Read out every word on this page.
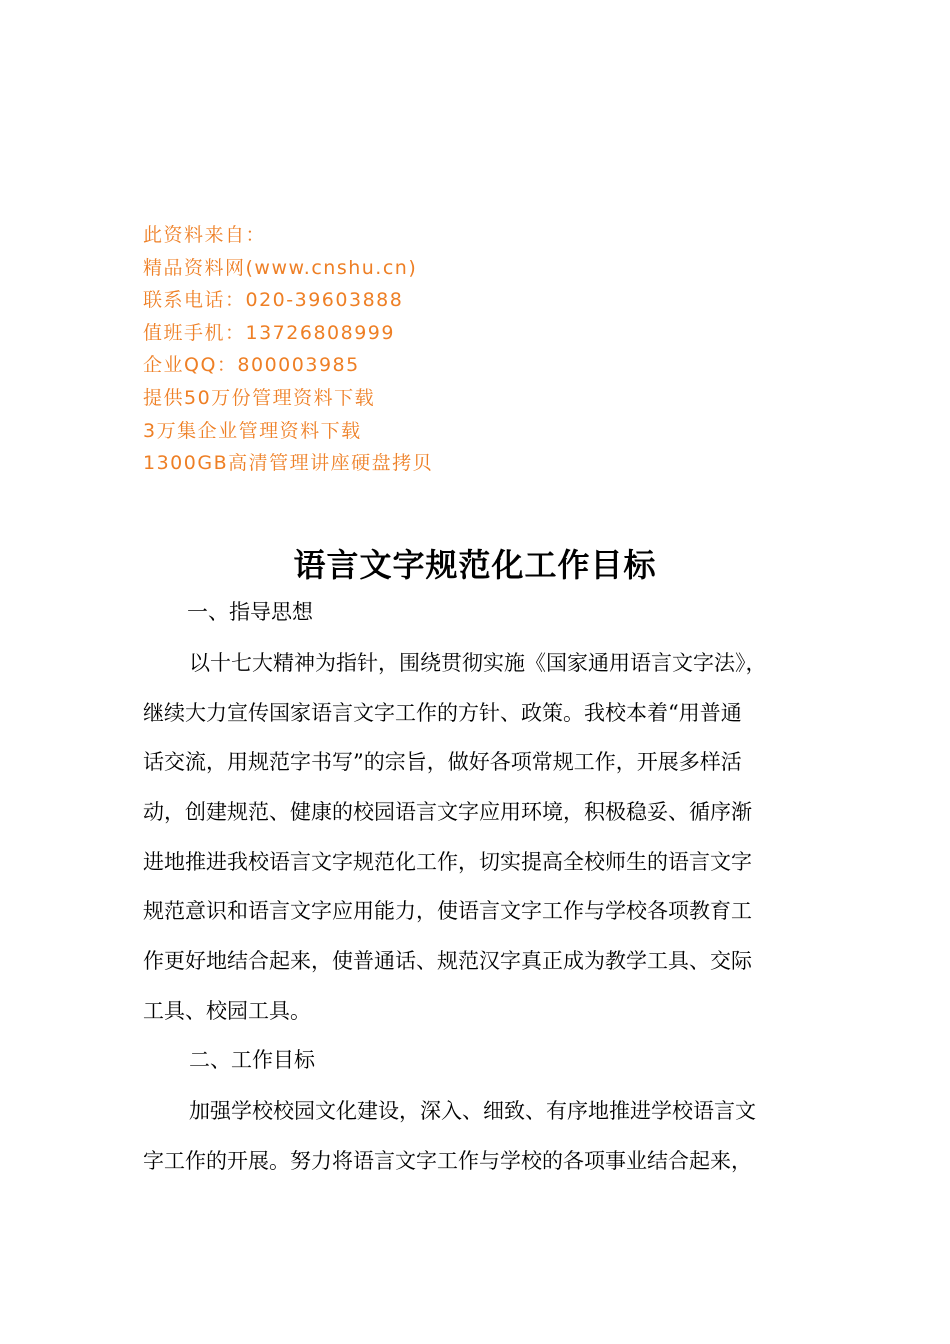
此资料来自：
精品资料网(www.cnshu.cn)
联系电话：020-39603888
值班手机：13726808999
企业QQ：800003985
提供50万份管理资料下载
3万集企业管理资料下载
1300GB高清管理讲座硬盘拷贝
语言文字规范化工作目标
一、指导思想
以十七大精神为指针，围绕贯彻实施《国家通用语言文字法》，
继续大力宣传国家语言文字工作的方针、政策。我校本着“用普通
话交流，用规范字书写”的宗旨，做好各项常规工作，开展多样活
动，创建规范、健康的校园语言文字应用环境，积极稳妥、循序渐
进地推进我校语言文字规范化工作，切实提高全校师生的语言文字
规范意识和语言文字应用能力，使语言文字工作与学校各项教育工
作更好地结合起来，使普通话、规范汉字真正成为教学工具、交际
工具、校园工具。
二、工作目标
加强学校校园文化建设，深入、细致、有序地推进学校语言文
字工作的开展。努力将语言文字工作与学校的各项事业结合起来，
